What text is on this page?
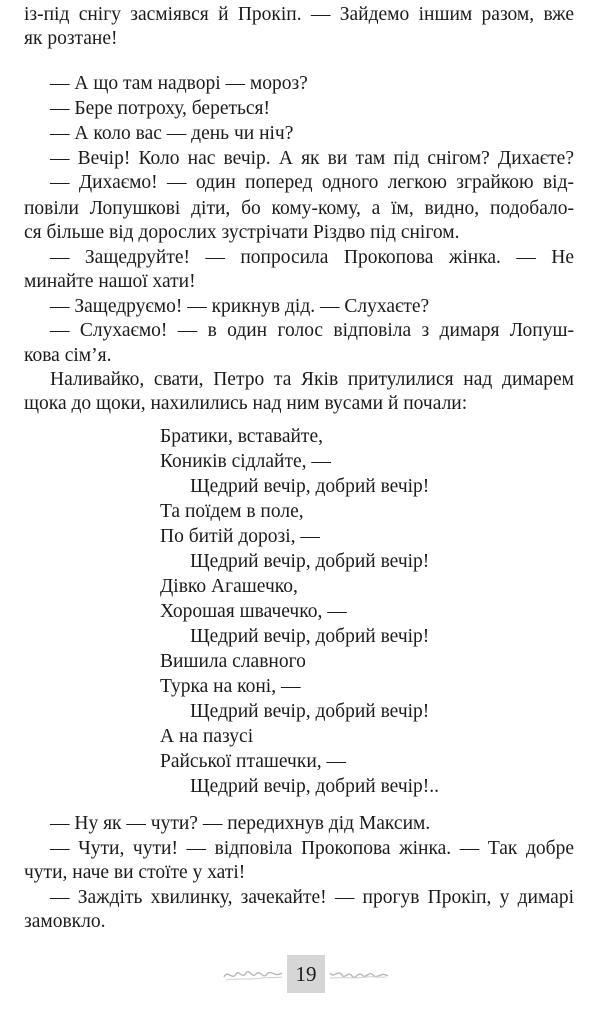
із-під снігу засміявся й Прокіп. — Зайдемо іншим разом, вже
як розтане!
— А що там надворі — мороз?
— Бере потроху, береться!
— А коло вас — день чи ніч?
— Вечір! Коло нас вечір. А як ви там під снігом? Дихаєте?
— Дихаємо! — один поперед одного легкою зграйкою від-
повіли Лопушкові діти, бо кому-кому, а їм, видно, подобало-
ся більше від дорослих зустрічати Різдво під снігом.
— Защедруйте! — попросила Прокопова жінка. — Не
минайте нашої хати!
— Защедруємо! — крикнув дід. — Слухаєте?
— Слухаємо! — в один голос відповіла з димаря Лопуш-
кова сім’я.
Наливайко, свати, Петро та Яків притулилися над димарем
щока до щоки, нахилились над ним вусами й почали:
Братики, вставайте,
Коників сідлайте, —
Щедрий вечір, добрий вечір!
Та поїдем в поле,
По битій дорозі, —
Щедрий вечір, добрий вечір!
Дівко Агашечко,
Хорошая швачечко, —
Щедрий вечір, добрий вечір!
Вишила славного
Турка на коні, —
Щедрий вечір, добрий вечір!
А на пазусі
Райської пташечки, —
Щедрий вечір, добрий вечір!..
— Ну як — чути? — передихнув дід Максим.
— Чути, чути! — відповіла Прокопова жінка. — Так добре
чути, наче ви стоїте у хаті!
— Заждіть хвилинку, зачекайте! — прогув Прокіп, у димарі
замовкло.
19
